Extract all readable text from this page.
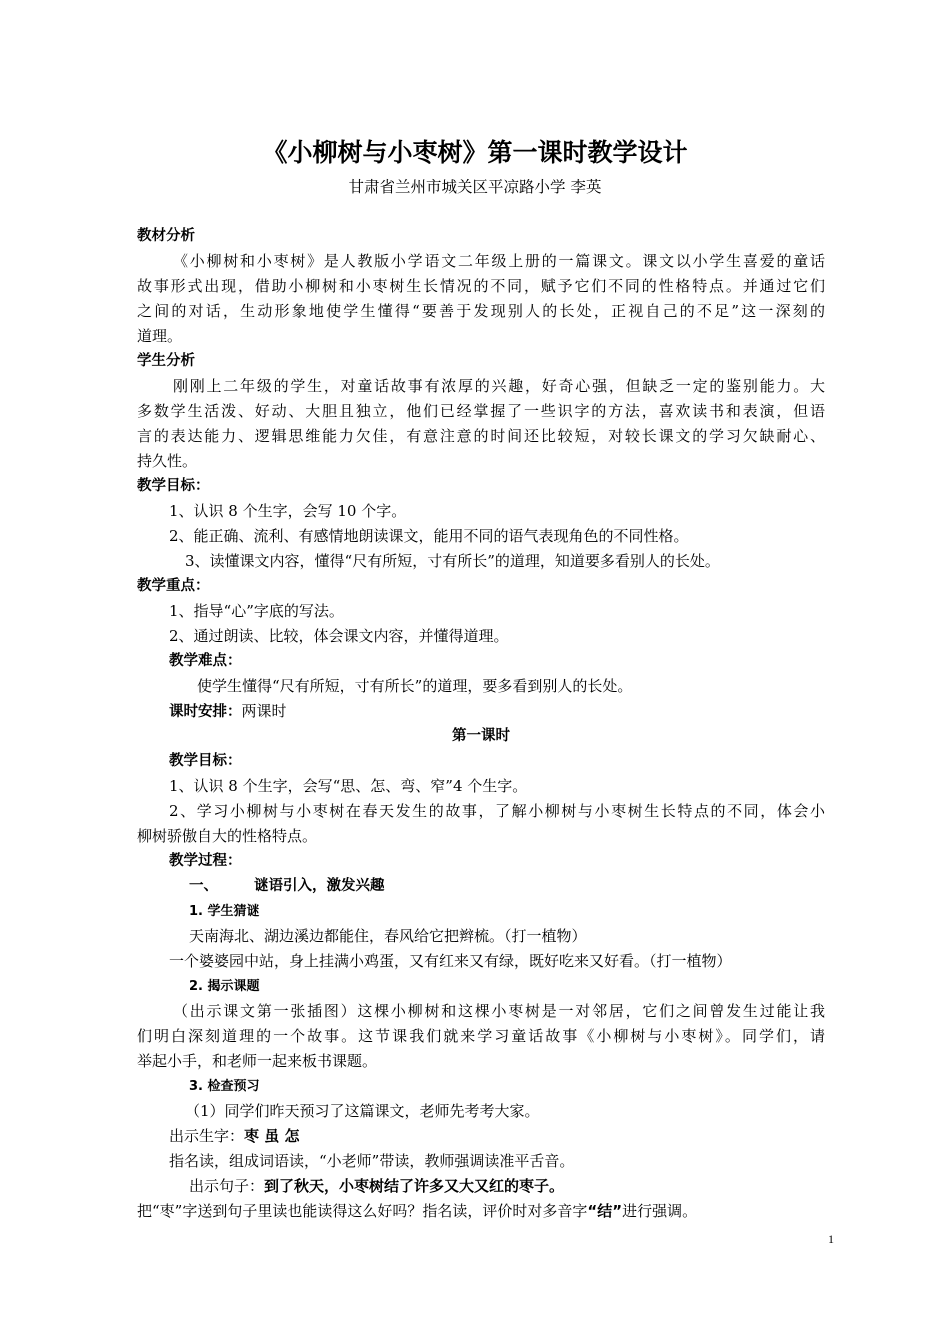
《小柳树与小枣树》第一课时教学设计
甘肃省兰州市城关区平凉路小学 李英
教材分析
《小柳树和小枣树》是人教版小学语文二年级上册的一篇课文。课文以小学生喜爱的童话
故事形式出现，借助小柳树和小枣树生长情况的不同，赋予它们不同的性格特点。并通过它们
之间的对话，生动形象地使学生懂得“要善于发现别人的长处，正视自己的不足”这一深刻的
道理。
学生分析
刚刚上二年级的学生，对童话故事有浓厚的兴趣，好奇心强，但缺乏一定的鉴别能力。大
多数学生活泼、好动、大胆且独立，他们已经掌握了一些识字的方法，喜欢读书和表演，但语
言的表达能力、逻辑思维能力欠佳，有意注意的时间还比较短，对较长课文的学习欠缺耐心、
持久性。
教学目标：
1、认识 8 个生字，会写 10 个字。
2、能正确、流利、有感情地朗读课文，能用不同的语气表现角色的不同性格。
3、读懂课文内容，懂得“尺有所短，寸有所长”的道理，知道要多看别人的长处。
教学重点：
1、指导“心”字底的写法。
2、通过朗读、比较，体会课文内容，并懂得道理。
教学难点：
使学生懂得“尺有所短，寸有所长”的道理，要多看到别人的长处。
课时安排：两课时
第一课时
教学目标：
1、认识 8 个生字，会写“思、怎、弯、窄”4 个生字。
2、学习小柳树与小枣树在春天发生的故事，了解小柳树与小枣树生长特点的不同，体会小
柳树骄傲自大的性格特点。
教学过程：
一、 谜语引入，激发兴趣
1. 学生猜谜
天南海北、湖边溪边都能住，春风给它把辫梳。（打一植物）
一个婆婆园中站，身上挂满小鸡蛋，又有红来又有绿，既好吃来又好看。（打一植物）
2. 揭示课题
（出示课文第一张插图）这棵小柳树和这棵小枣树是一对邻居，它们之间曾发生过能让我
们明白深刻道理的一个故事。这节课我们就来学习童话故事《小柳树与小枣树》。同学们，请
举起小手，和老师一起来板书课题。
3. 检查预习
（1）同学们昨天预习了这篇课文，老师先考考大家。
出示生字：枣 虽 怎
指名读，组成词语读，“小老师”带读，教师强调读准平舌音。
出示句子：到了秋天，小枣树结了许多又大又红的枣子。
把“枣”字送到句子里读也能读得这么好吗？指名读，评价时对多音字“结”进行强调。
1
